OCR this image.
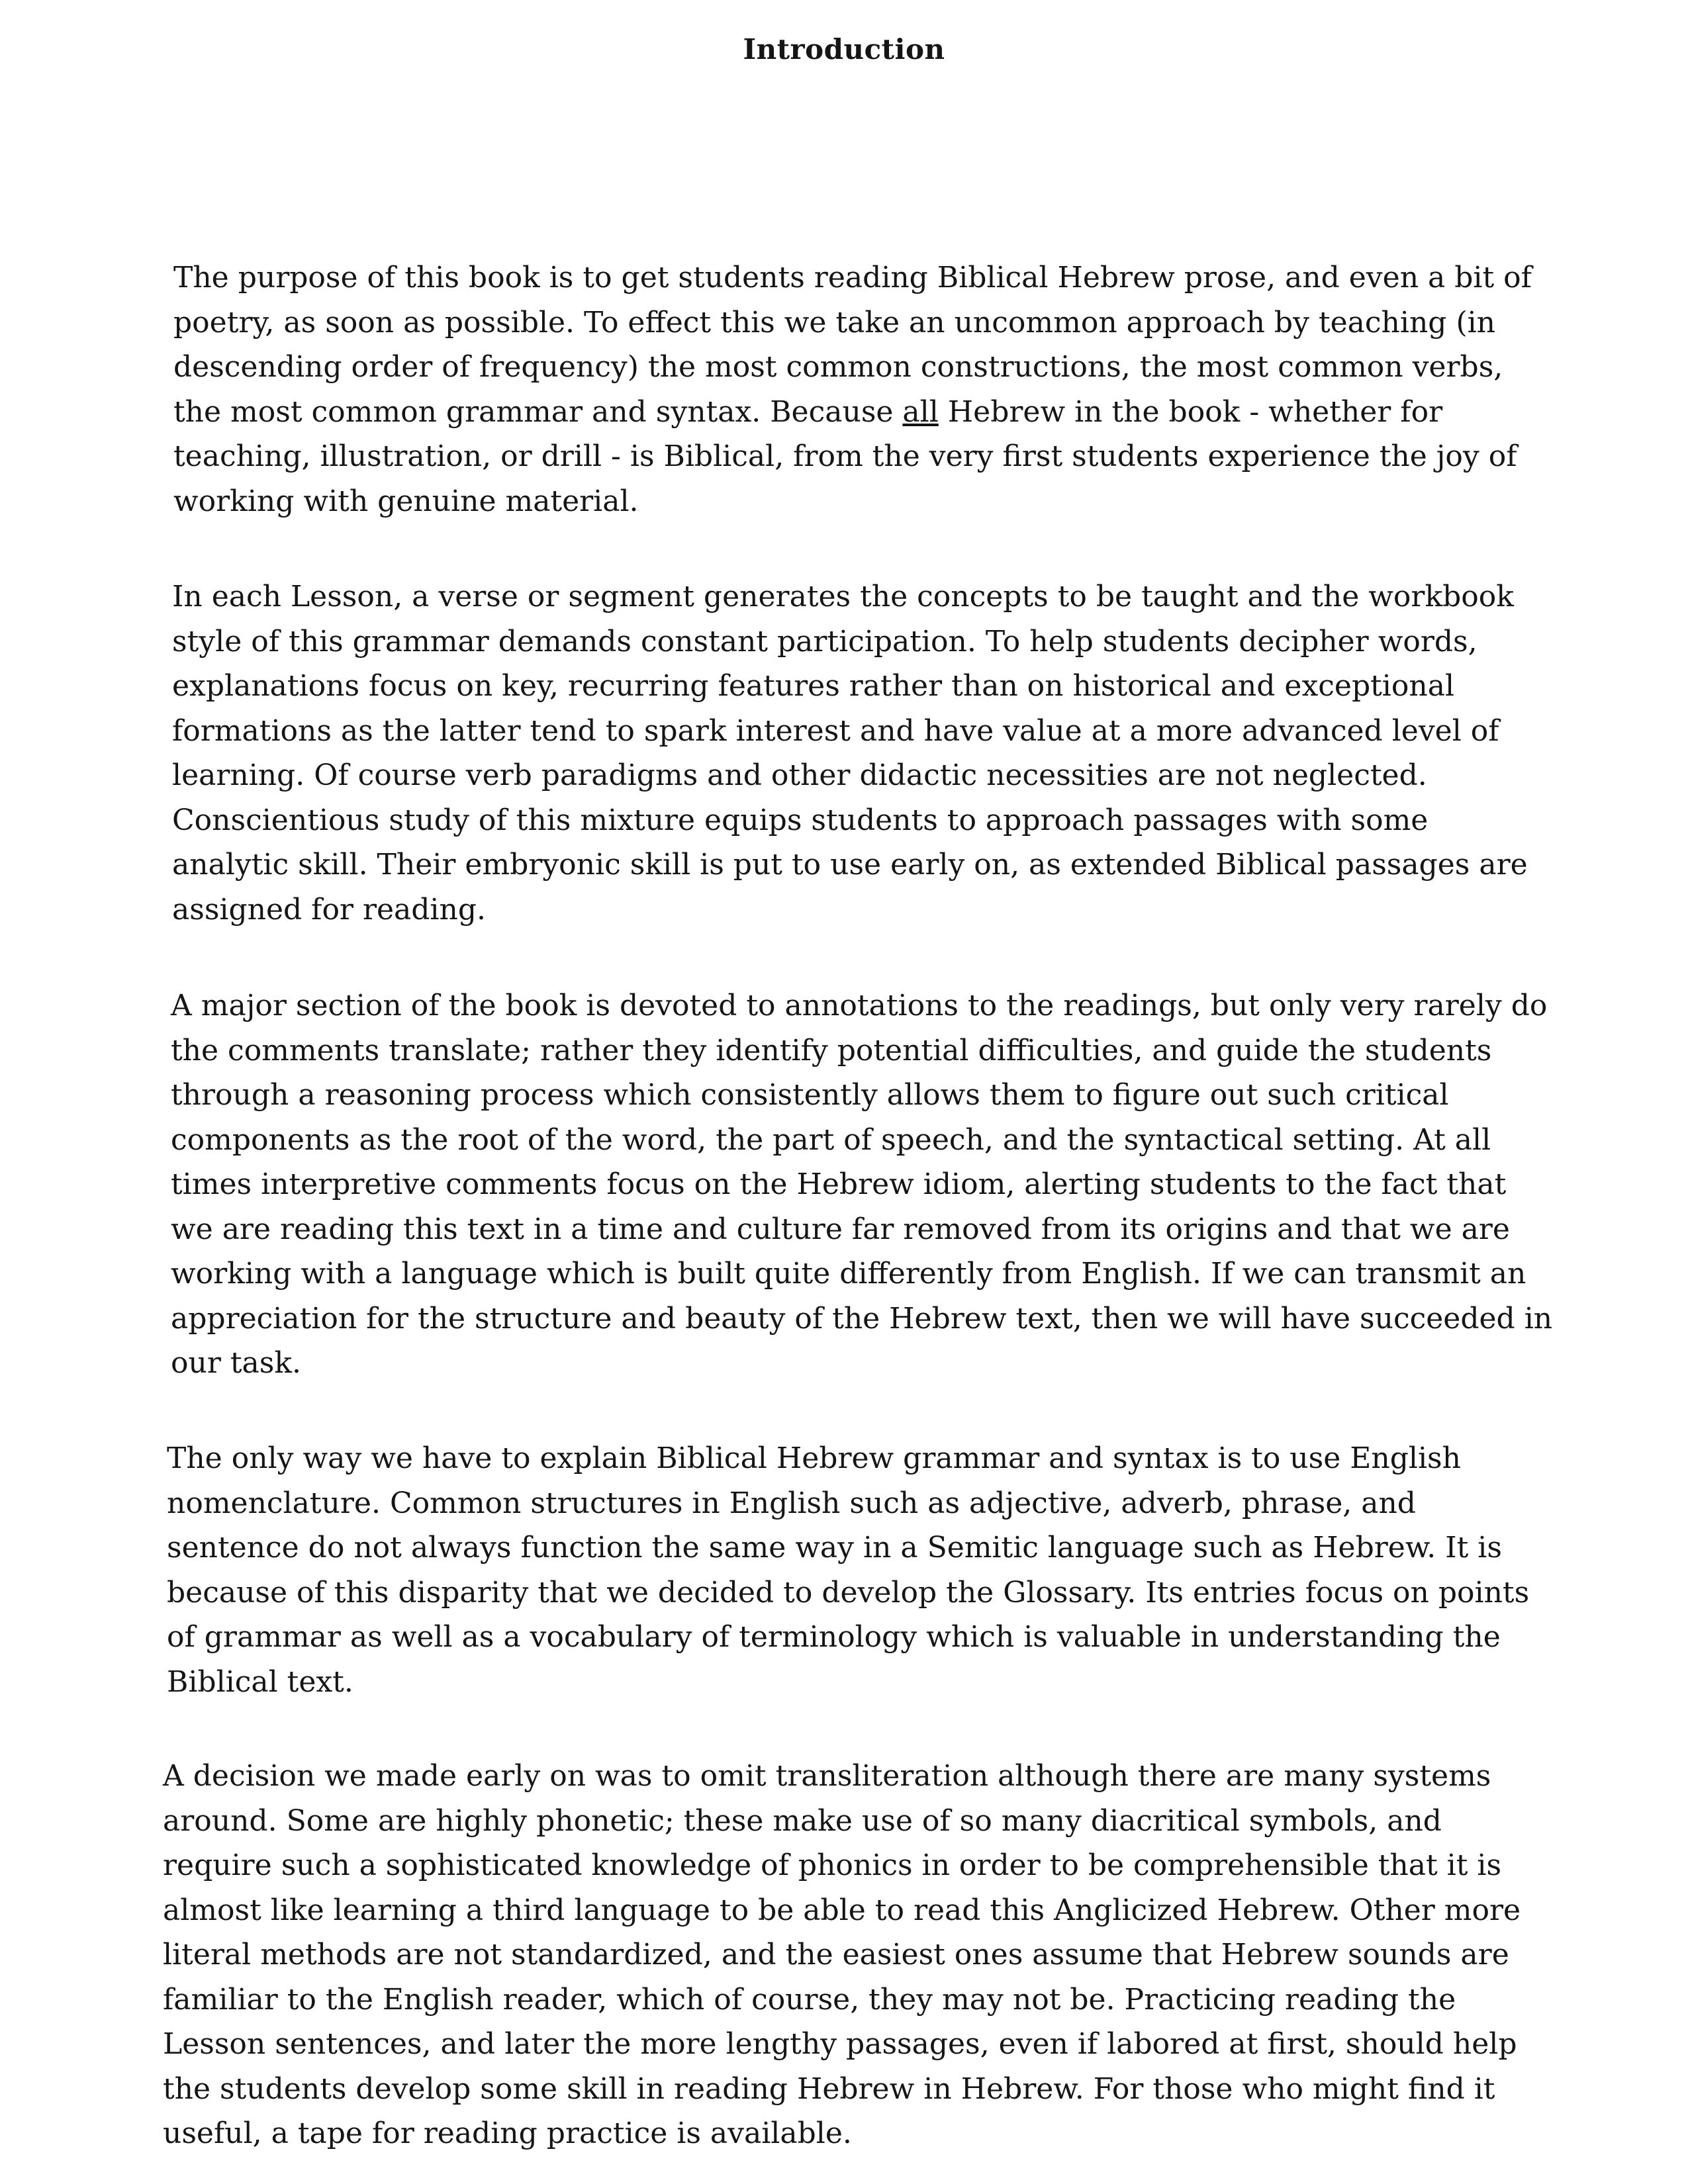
Introduction

The purpose of this book is to get students reading Biblical Hebrew prose, and even a bit of
poetry, as soon as possible. To effect this we take an uncommon approach by teaching (in
descending order of frequency) the most common constructions, the most common verbs,
the most common grammar and syntax. Because all Hebrew in the book - whether for
teaching, illustration, or drill - is Biblical, from the very first students experience the joy of
working with genuine material.

In each Lesson, a verse or segment generates the concepts to be taught and the workbook
style of this grammar demands constant participation. To help students decipher words,
explanations focus on key, recurring features rather than on historical and exceptional
formations as the latter tend to spark interest and have value at a more advanced level of
learning. Of course verb paradigms and other didactic necessities are not neglected.
Conscientious study of this mixture equips students to approach passages with some
analytic skill. Their embryonic skill is put to use early on, as extended Biblical passages are
assigned for reading.

A major section of the book is devoted to annotations to the readings, but only very rarely do
the comments translate; rather they identify potential difficulties, and guide the students
through a reasoning process which consistently allows them to figure out such critical
components as the root of the word, the part of speech, and the syntactical setting. At all
times interpretive comments focus on the Hebrew idiom, alerting students to the fact that
we are reading this text in a time and culture far removed from its origins and that we are
working with a language which is built quite differently from English. If we can transmit an
appreciation for the structure and beauty of the Hebrew text, then we will have succeeded in
our task.

The only way we have to explain Biblical Hebrew grammar and syntax is to use English
nomenclature. Common structures in English such as adjective, adverb, phrase, and
sentence do not always function the same way in a Semitic language such as Hebrew. It is
because of this disparity that we decided to develop the Glossary. Its entries focus on points
of grammar as well as a vocabulary of terminology which is valuable in understanding the
Biblical text.

A decision we made early on was to omit transliteration although there are many systems
around. Some are highly phonetic; these make use of so many diacritical symbols, and
require such a sophisticated knowledge of phonics in order to be comprehensible that it is
almost like learning a third language to be able to read this Anglicized Hebrew. Other more
literal methods are not standardized, and the easiest ones assume that Hebrew sounds are
familiar to the English reader, which of course, they may not be. Practicing reading the
Lesson sentences, and later the more lengthy passages, even if labored at first, should help
the students develop some skill in reading Hebrew in Hebrew. For those who might find it
useful, a tape for reading practice is available.
